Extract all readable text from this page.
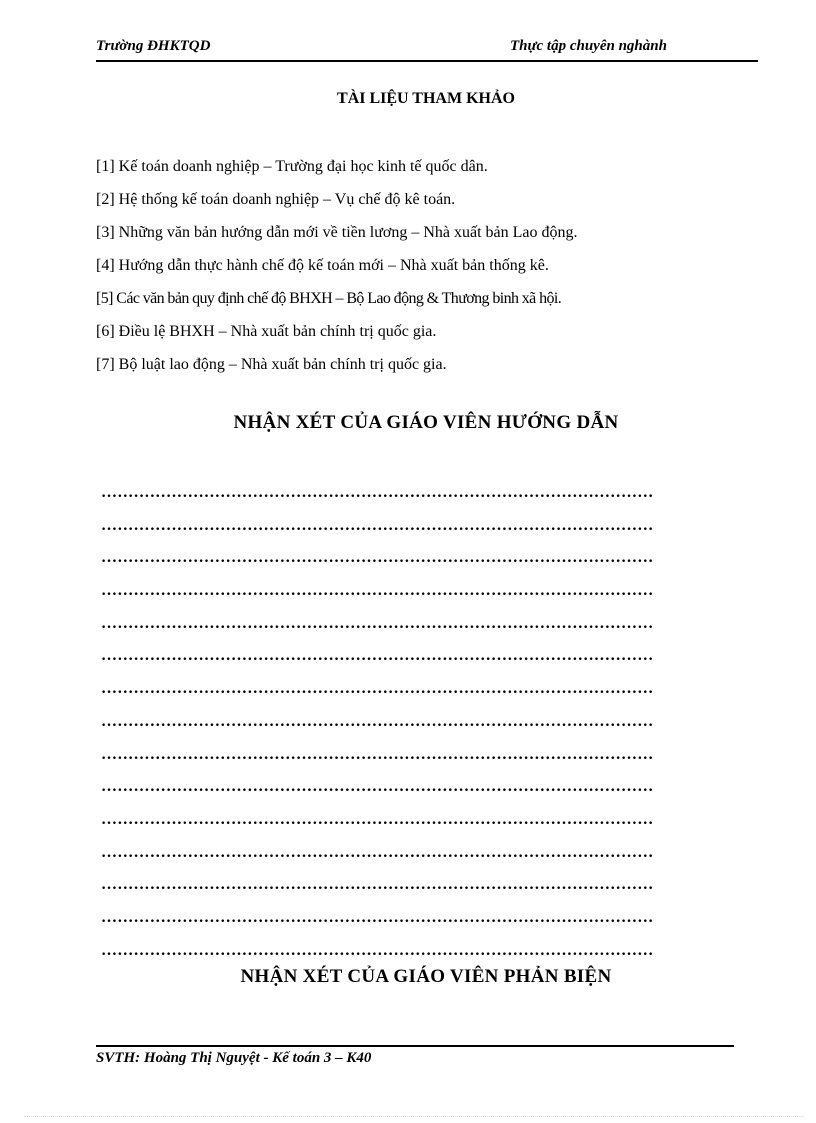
Trường ĐHKTQD	Thực tập chuyên nghành
TÀI LIỆU THAM KHẢO
[1] Kế toán doanh nghiệp – Trường đại học kinh tế quốc dân.
[2] Hệ thống kế toán doanh nghiệp – Vụ chế độ kê toán.
[3] Những văn bản hướng dẫn mới về tiền lương – Nhà xuất bản Lao động.
[4] Hướng dẫn thực hành chế độ kế toán mới – Nhà xuất bản thống kê.
[5] Các văn bản quy định chế độ BHXH – Bộ Lao động & Thương binh xã hội.
[6] Điều lệ BHXH – Nhà xuất bản chính trị quốc gia.
[7] Bộ luật lao động – Nhà xuất bản chính trị quốc gia.
NHẬN XÉT CỦA GIÁO VIÊN HƯỚNG DẪN
…………………………………………………………………………………………
…………………………………………………………………………………………
…………………………………………………………………………………………
…………………………………………………………………………………………
…………………………………………………………………………………………
…………………………………………………………………………………………
…………………………………………………………………………………………
…………………………………………………………………………………………
…………………………………………………………………………………………
…………………………………………………………………………………………
…………………………………………………………………………………………
…………………………………………………………………………………………
…………………………………………………………………………………………
…………………………………………………………………………………………
…………………………………………………………………………………………
NHẬN XÉT CỦA GIÁO VIÊN PHẢN BIỆN
SVTH: Hoàng Thị Nguyệt - Kế toán 3 – K40
